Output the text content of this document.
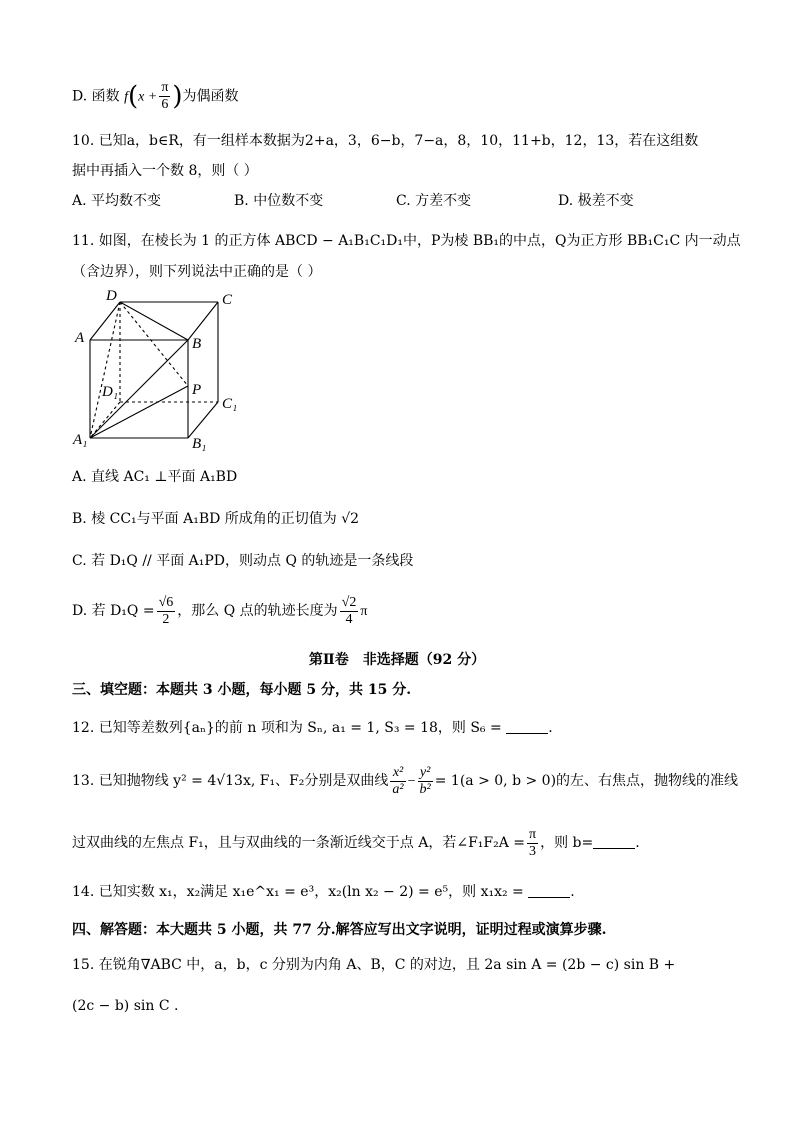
D. 函数 $f(x + \frac{\pi}{6}$ )为偶函数
10. 已知a，b∈R，有一组样本数据为2+a，3，6−b，7−a，8，10，11+b，12，13，若在这组数
据中再插入一个数 8，则（ ）
A. 平均数不变	B. 中位数不变	C. 方差不变	D. 极差不变
11. 如图，在棱长为 1 的正方体 ABCD − A₁B₁C₁D₁中，P为棱 BB₁的中点，Q为正方形 BB₁C₁C 内一动点
（含边界），则下列说法中正确的是（ ）
D	C
A	B
D₁	P
C₁
A₁	B₁
A. 直线 AC₁ ⊥平面 A₁BD
B. 棱 CC₁与平面 A₁BD 所成角的正切值为 √2
C. 若 D₁Q // 平面 A₁PD，则动点 Q 的轨迹是一条线段
D. 若 $D_1Q = \frac{√6}{2}$ ，那么 Q 点的轨迹长度为 $\frac{√2}{4}$ π
第Ⅱ卷　非选择题（92 分）
三、填空题：本题共 3 小题，每小题 5 分，共 15 分.
12. 已知等差数列{aₙ}的前 n 项和为 Sₙ, a₁ = 1, S₃ = 18，则 S₆ =	.
13. 已知抛物线 y² = 4√13x, F₁、F₂分别是双曲线 $\frac{\text{x²}}{\text{a²}} - \frac{\text{y²}}{\text{b²}} = 1(a > 0$, b > 0)的左、右焦点，抛物线的准线
过双曲线的左焦点 F₁，且与双曲线的一条渐近线交于点 A，若∠F₁F₂A = $\frac{\pi}{3}$ ，则 b=	.
14. 已知实数 x₁，x₂满足 x₁e^x₁ = e³，x₂(ln x₂ − 2) = e⁵，则 x₁x₂ =	.
四、解答题：本大题共 5 小题，共 77 分.解答应写出文字说明，证明过程或演算步骤.
15. 在锐角∇ABC 中，a，b，c 分别为内角 A、B，C 的对边，且 2a sin A = (2b − c) sin B +
(2c − b) sin C .
